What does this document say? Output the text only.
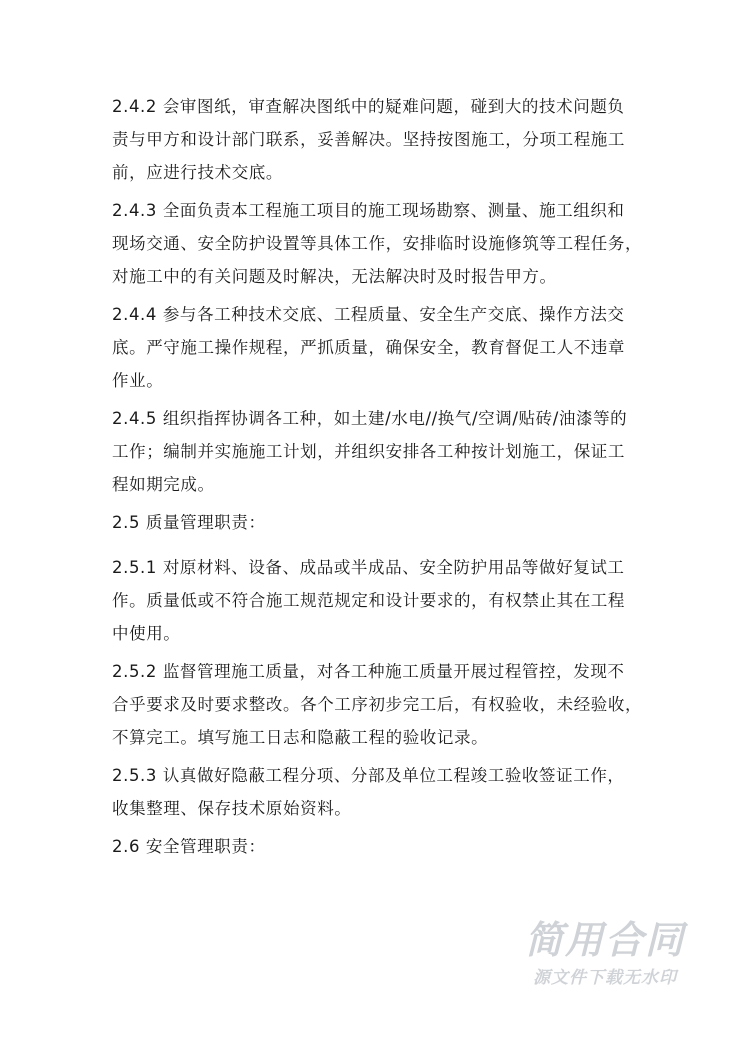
2.4.2 会审图纸，审查解决图纸中的疑难问题，碰到大的技术问题负
责与甲方和设计部门联系，妥善解决。坚持按图施工，分项工程施工
前，应进行技术交底。
2.4.3 全面负责本工程施工项目的施工现场勘察、测量、施工组织和
现场交通、安全防护设置等具体工作，安排临时设施修筑等工程任务，
对施工中的有关问题及时解决，无法解决时及时报告甲方。
2.4.4 参与各工种技术交底、工程质量、安全生产交底、操作方法交
底。严守施工操作规程，严抓质量，确保安全，教育督促工人不违章
作业。
2.4.5 组织指挥协调各工种，如土建/水电//换气/空调/贴砖/油漆等的
工作；编制并实施施工计划，并组织安排各工种按计划施工，保证工
程如期完成。
2.5 质量管理职责：
2.5.1 对原材料、设备、成品或半成品、安全防护用品等做好复试工
作。质量低或不符合施工规范规定和设计要求的，有权禁止其在工程
中使用。
2.5.2 监督管理施工质量，对各工种施工质量开展过程管控，发现不
合乎要求及时要求整改。各个工序初步完工后，有权验收，未经验收，
不算完工。填写施工日志和隐蔽工程的验收记录。
2.5.3 认真做好隐蔽工程分项、分部及单位工程竣工验收签证工作，
收集整理、保存技术原始资料。
2.6 安全管理职责：
简用合同
源文件下载无水印
